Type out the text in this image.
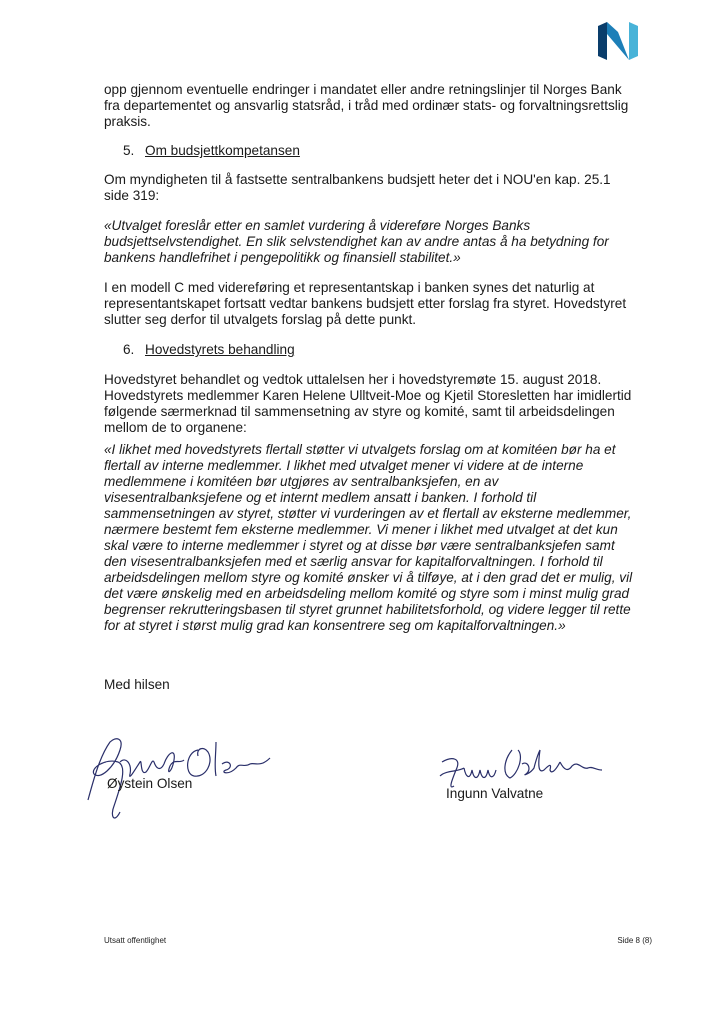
opp gjennom eventuelle endringer i mandatet eller andre retningslinjer til Norges Bank fra departementet og ansvarlig statsråd, i tråd med ordinær stats- og forvaltningsrettslig praksis.

5. Om budsjettkompetansen

Om myndigheten til å fastsette sentralbankens budsjett heter det i NOU'en kap. 25.1 side 319:

«Utvalget foreslår etter en samlet vurdering å videreføre Norges Banks budsjettselvstendighet. En slik selvstendighet kan av andre antas å ha betydning for bankens handlefrihet i pengepolitikk og finansiell stabilitet.»

I en modell C med videreføring et representantskap i banken synes det naturlig at representantskapet fortsatt vedtar bankens budsjett etter forslag fra styret. Hovedstyret slutter seg derfor til utvalgets forslag på dette punkt.

6. Hovedstyrets behandling

Hovedstyret behandlet og vedtok uttalelsen her i hovedstyremøte 15. august 2018. Hovedstyrets medlemmer Karen Helene Ulltveit-Moe og Kjetil Storesletten har imidlertid følgende særmerknad til sammensetning av styre og komité, samt til arbeidsdelingen mellom de to organene:

«I likhet med hovedstyrets flertall støtter vi utvalgets forslag om at komitéen bør ha et flertall av interne medlemmer. I likhet med utvalget mener vi videre at de interne medlemmene i komitéen bør utgjøres av sentralbanksjefen, en av visesentralbanksjefene og et internt medlem ansatt i banken. I forhold til sammensetningen av styret, støtter vi vurderingen av et flertall av eksterne medlemmer, nærmere bestemt fem eksterne medlemmer. Vi mener i likhet med utvalget at det kun skal være to interne medlemmer i styret og at disse bør være sentralbanksjefen samt den visesentralbanksjefen med et særlig ansvar for kapitalforvaltningen. I forhold til arbeidsdelingen mellom styre og komité ønsker vi å tilføye, at i den grad det er mulig, vil det være ønskelig med en arbeidsdeling mellom komité og styre som i minst mulig grad begrenser rekrutteringsbasen til styret grunnet habilitetsforhold, og videre legger til rette for at styret i størst mulig grad kan konsentrere seg om kapitalforvaltningen.»

Med hilsen

Øystein Olsen
Ingunn Valvatne
Utsatt offentlighet	Side 8 (8)
